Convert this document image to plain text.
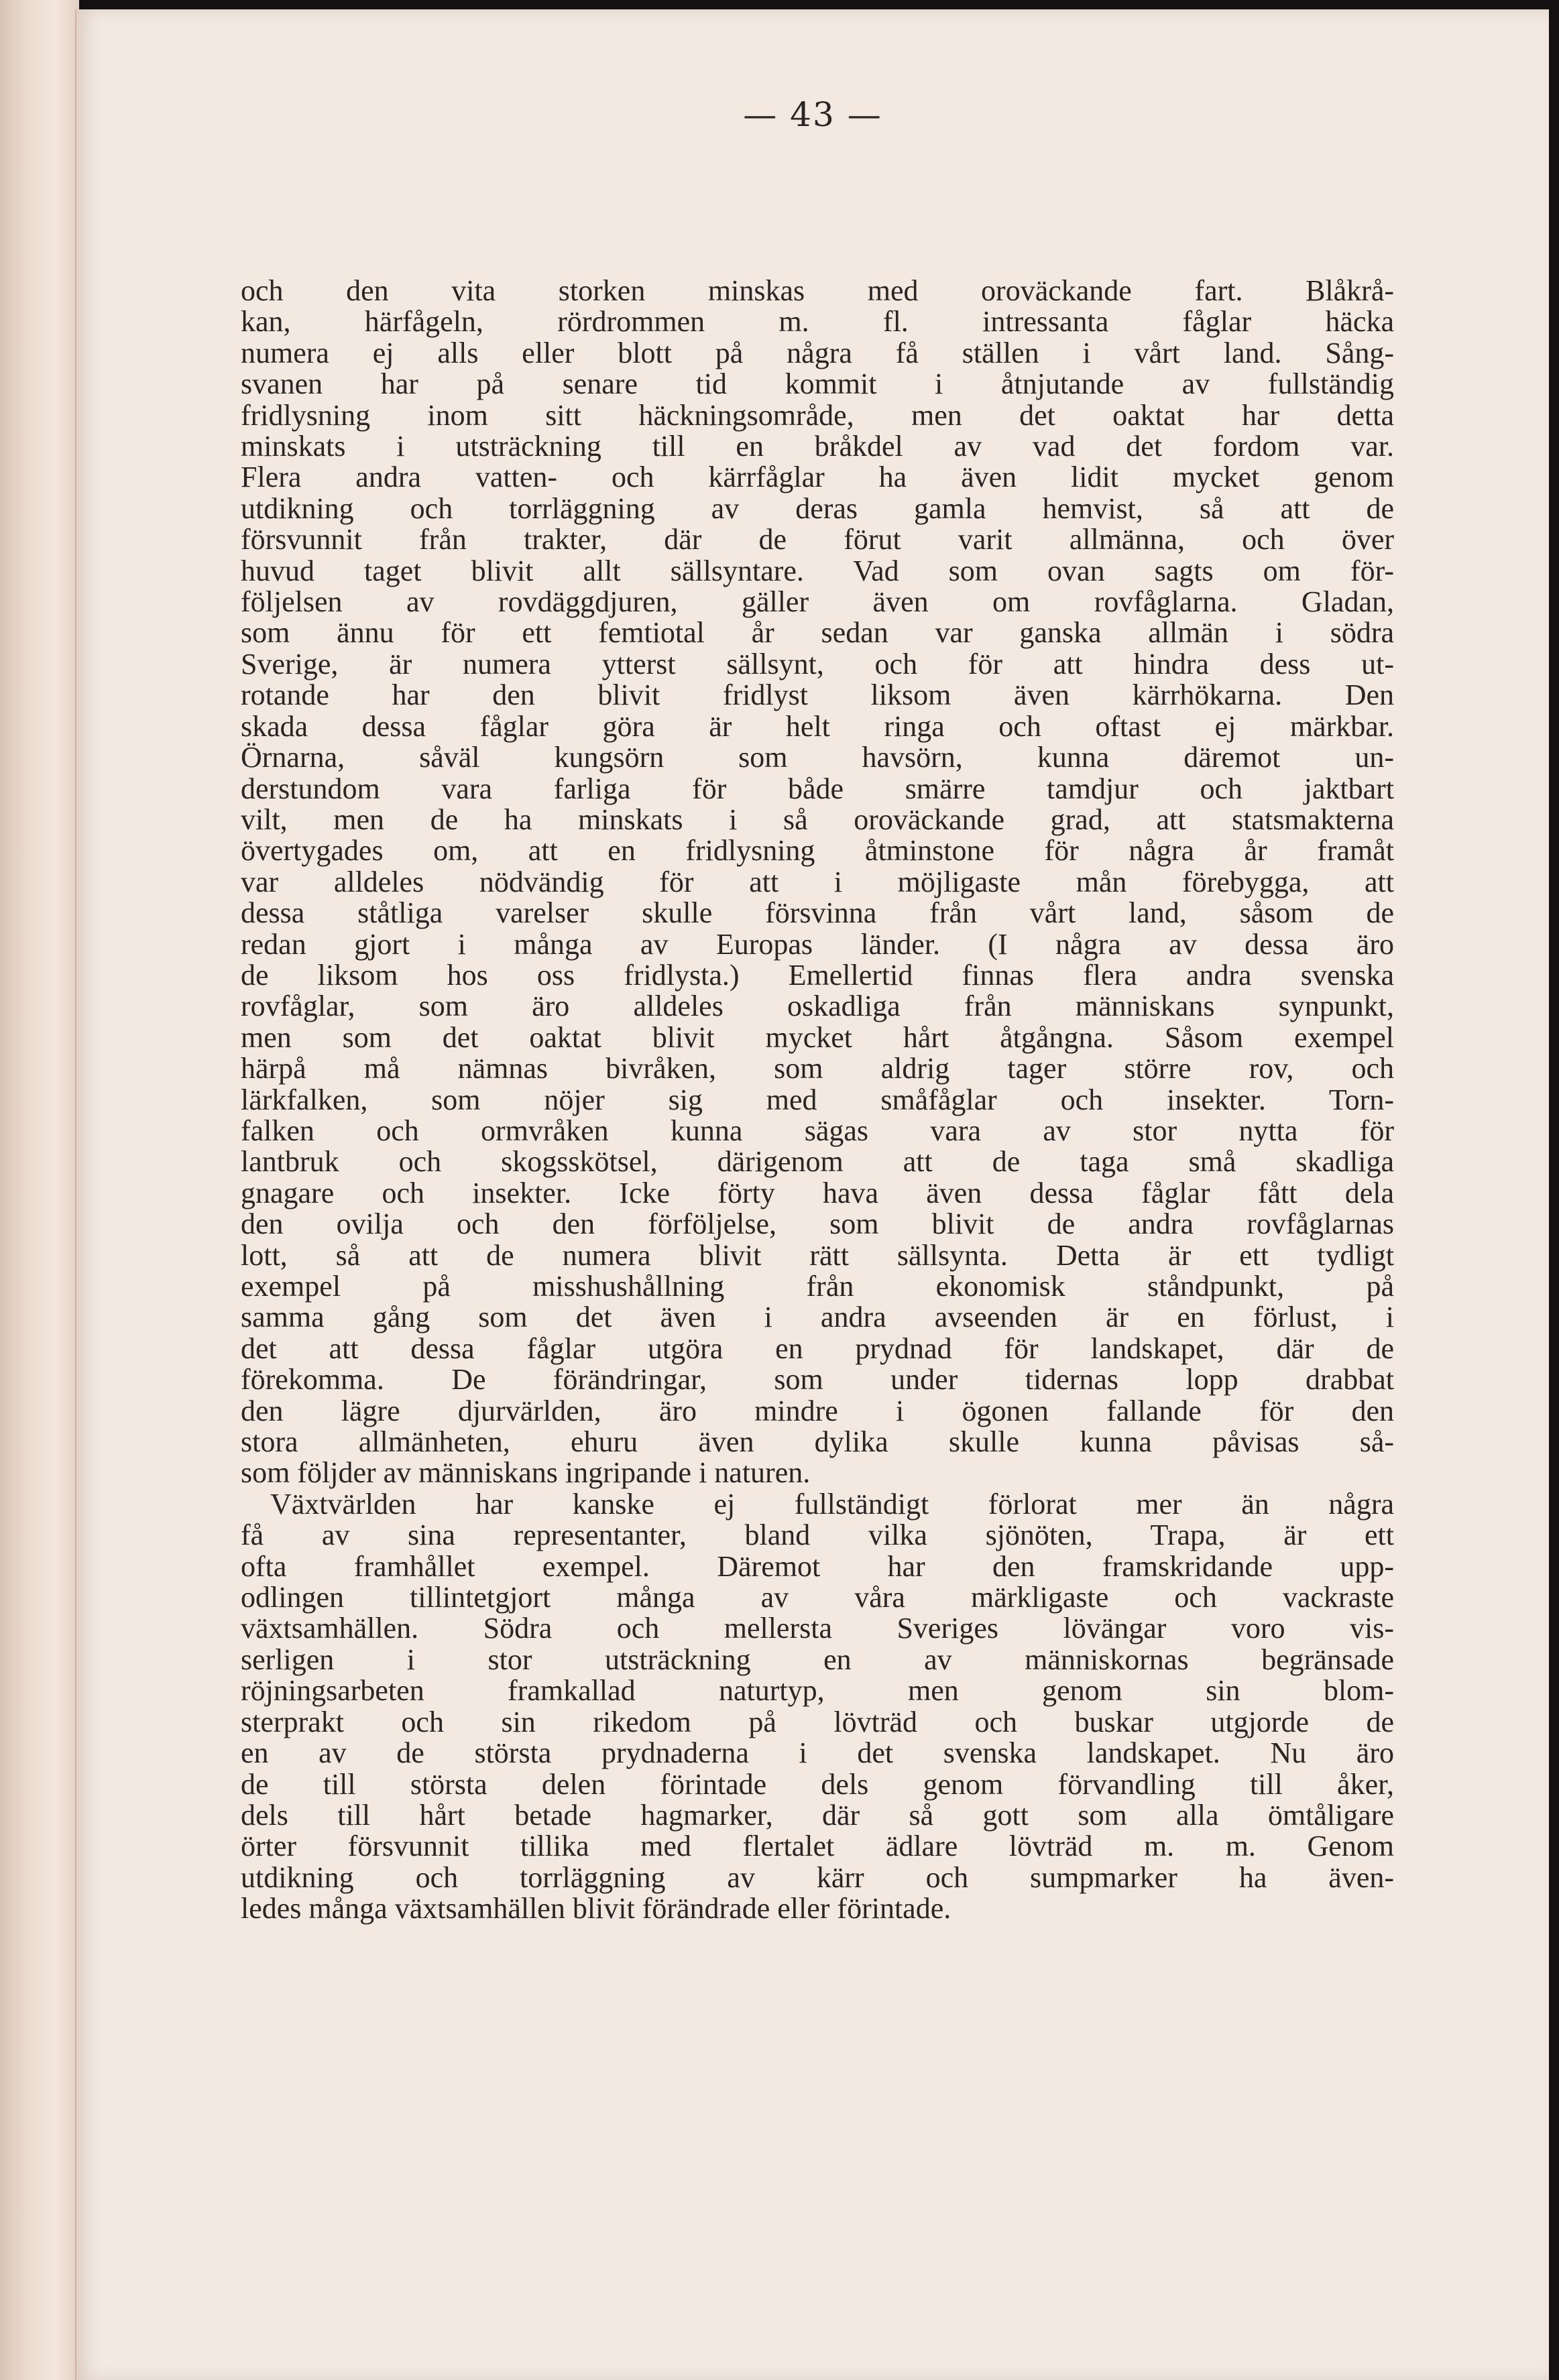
— 43 —

och den vita storken minskas med oroväckande fart. Blåkrå-
kan, härfågeln, rördrommen m. fl. intressanta fåglar häcka
numera ej alls eller blott på några få ställen i vårt land. Sång-
svanen har på senare tid kommit i åtnjutande av fullständig
fridlysning inom sitt häckningsområde, men det oaktat har detta
minskats i utsträckning till en bråkdel av vad det fordom var.
Flera andra vatten- och kärrfåglar ha även lidit mycket genom
utdikning och torrläggning av deras gamla hemvist, så att de
försvunnit från trakter, där de förut varit allmänna, och över
huvud taget blivit allt sällsyntare. Vad som ovan sagts om för-
följelsen av rovdäggdjuren, gäller även om rovfåglarna. Gladan,
som ännu för ett femtiotal år sedan var ganska allmän i södra
Sverige, är numera ytterst sällsynt, och för att hindra dess ut-
rotande har den blivit fridlyst liksom även kärrhökarna. Den
skada dessa fåglar göra är helt ringa och oftast ej märkbar.
Örnarna, såväl kungsörn som havsörn, kunna däremot un-
derstundom vara farliga för både smärre tamdjur och jaktbart
vilt, men de ha minskats i så oroväckande grad, att statsmakterna
övertygades om, att en fridlysning åtminstone för några år framåt
var alldeles nödvändig för att i möjligaste mån förebygga, att
dessa ståtliga varelser skulle försvinna från vårt land, såsom de
redan gjort i många av Europas länder. (I några av dessa äro
de liksom hos oss fridlysta.) Emellertid finnas flera andra svenska
rovfåglar, som äro alldeles oskadliga från människans synpunkt,
men som det oaktat blivit mycket hårt åtgångna. Såsom exempel
härpå må nämnas bivråken, som aldrig tager större rov, och
lärkfalken, som nöjer sig med småfåglar och insekter. Torn-
falken och ormvråken kunna sägas vara av stor nytta för
lantbruk och skogsskötsel, därigenom att de taga små skadliga
gnagare och insekter. Icke förty hava även dessa fåglar fått dela
den ovilja och den förföljelse, som blivit de andra rovfåglarnas
lott, så att de numera blivit rätt sällsynta. Detta är ett tydligt
exempel på misshushållning från ekonomisk ståndpunkt, på
samma gång som det även i andra avseenden är en förlust, i
det att dessa fåglar utgöra en prydnad för landskapet, där de
förekomma. De förändringar, som under tidernas lopp drabbat
den lägre djurvärlden, äro mindre i ögonen fallande för den
stora allmänheten, ehuru även dylika skulle kunna påvisas så-
som följder av människans ingripande i naturen.
Växtvärlden har kanske ej fullständigt förlorat mer än några
få av sina representanter, bland vilka sjönöten, Trapa, är ett
ofta framhållet exempel. Däremot har den framskridande upp-
odlingen tillintetgjort många av våra märkligaste och vackraste
växtsamhällen. Södra och mellersta Sveriges lövängar voro vis-
serligen i stor utsträckning en av människornas begränsade
röjningsarbeten framkallad naturtyp, men genom sin blom-
sterprakt och sin rikedom på lövträd och buskar utgjorde de
en av de största prydnaderna i det svenska landskapet. Nu äro
de till största delen förintade dels genom förvandling till åker,
dels till hårt betade hagmarker, där så gott som alla ömtåligare
örter försvunnit tillika med flertalet ädlare lövträd m. m. Genom
utdikning och torrläggning av kärr och sumpmarker ha även-
ledes många växtsamhällen blivit förändrade eller förintade.
